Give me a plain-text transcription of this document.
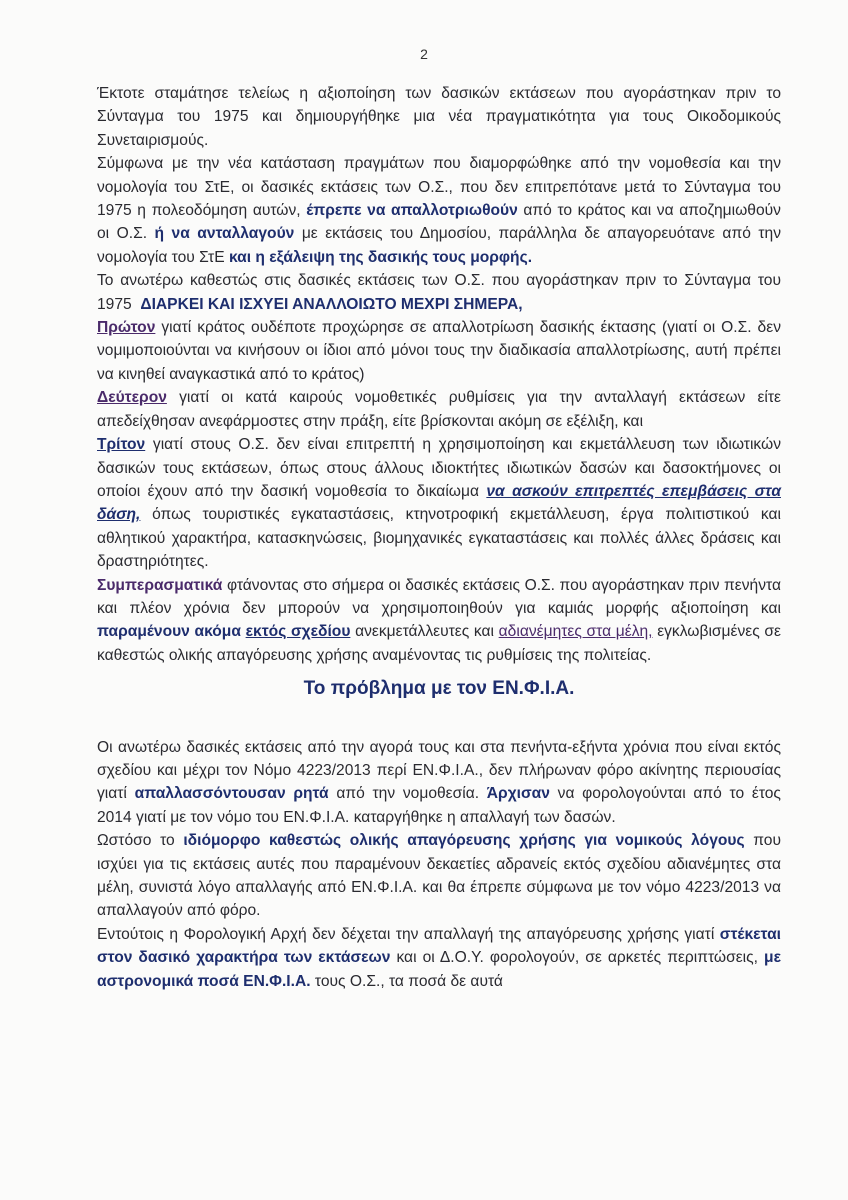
2

Έκτοτε σταμάτησε τελείως η αξιοποίηση των δασικών εκτάσεων που αγοράστηκαν πριν το Σύνταγμα του 1975 και δημιουργήθηκε μια νέα πραγματικότητα για τους Οικοδομικούς Συνεταιρισμούς.

Σύμφωνα με την νέα κατάσταση πραγμάτων που διαμορφώθηκε από την νομοθεσία και την νομολογία του ΣτΕ, οι δασικές εκτάσεις των Ο.Σ., που δεν επιτρεπότανε μετά το Σύνταγμα του 1975 η πολεοδόμηση αυτών, έπρεπε να απαλλοτριωθούν από το κράτος και να αποζημιωθούν οι Ο.Σ. ή να ανταλλαγούν με εκτάσεις του Δημοσίου, παράλληλα δε απαγορευότανε από την νομολογία του ΣτΕ και η εξάλειψη της δασικής τους μορφής.

Το ανωτέρω καθεστώς στις δασικές εκτάσεις των Ο.Σ. που αγοράστηκαν πριν το Σύνταγμα του 1975 ΔΙΑΡΚΕΙ ΚΑΙ ΙΣΧΥΕΙ ΑΝΑΛΛΟΙΩΤΟ ΜΕΧΡΙ ΣΗΜΕΡΑ,

Πρώτον γιατί κράτος ουδέποτε προχώρησε σε απαλλοτρίωση δασικής έκτασης (γιατί οι Ο.Σ. δεν νομιμοποιούνται να κινήσουν οι ίδιοι από μόνοι τους την διαδικασία απαλλοτρίωσης, αυτή πρέπει να κινηθεί αναγκαστικά από το κράτος)

Δεύτερον γιατί οι κατά καιρούς νομοθετικές ρυθμίσεις για την ανταλλαγή εκτάσεων είτε απεδείχθησαν ανεφάρμοστες στην πράξη, είτε βρίσκονται ακόμη σε εξέλιξη, και

Τρίτον γιατί στους Ο.Σ. δεν είναι επιτρεπτή η χρησιμοποίηση και εκμετάλλευση των ιδιωτικών δασικών τους εκτάσεων, όπως στους άλλους ιδιοκτήτες ιδιωτικών δασών και δασοκτήμονες οι οποίοι έχουν από την δασική νομοθεσία το δικαίωμα να ασκούν επιτρεπτές επεμβάσεις στα δάση, όπως τουριστικές εγκαταστάσεις, κτηνοτροφική εκμετάλλευση, έργα πολιτιστικού και αθλητικού χαρακτήρα, κατασκηνώσεις, βιομηχανικές εγκαταστάσεις και πολλές άλλες δράσεις και δραστηριότητες.

Συμπερασματικά φτάνοντας στο σήμερα οι δασικές εκτάσεις Ο.Σ. που αγοράστηκαν πριν πενήντα και πλέον χρόνια δεν μπορούν να χρησιμοποιηθούν για καμιάς μορφής αξιοποίηση και παραμένουν ακόμα εκτός σχεδίου ανεκμετάλλευτες και αδιανέμητες στα μέλη, εγκλωβισμένες σε καθεστώς ολικής απαγόρευσης χρήσης αναμένοντας τις ρυθμίσεις της πολιτείας.

Το πρόβλημα με τον ΕΝ.Φ.Ι.Α.

Οι ανωτέρω δασικές εκτάσεις από την αγορά τους και στα πενήντα-εξήντα χρόνια που είναι εκτός σχεδίου και μέχρι τον Νόμο 4223/2013 περί ΕΝ.Φ.Ι.Α., δεν πλήρωναν φόρο ακίνητης περιουσίας γιατί απαλλασσόντουσαν ρητά από την νομοθεσία. Άρχισαν να φορολογούνται από το έτος 2014 γιατί με τον νόμο του ΕΝ.Φ.Ι.Α. καταργήθηκε η απαλλαγή των δασών.

Ωστόσο το ιδιόμορφο καθεστώς ολικής απαγόρευσης χρήσης για νομικούς λόγους που ισχύει για τις εκτάσεις αυτές που παραμένουν δεκαετίες αδρανείς εκτός σχεδίου αδιανέμητες στα μέλη, συνιστά λόγο απαλλαγής από ΕΝ.Φ.Ι.Α. και θα έπρεπε σύμφωνα με τον νόμο 4223/2013 να απαλλαγούν από φόρο.

Εντούτοις η Φορολογική Αρχή δεν δέχεται την απαλλαγή της απαγόρευσης χρήσης γιατί στέκεται στον δασικό χαρακτήρα των εκτάσεων και οι Δ.Ο.Υ. φορολογούν, σε αρκετές περιπτώσεις, με αστρονομικά ποσά ΕΝ.Φ.Ι.Α. τους Ο.Σ., τα ποσά δε αυτά
